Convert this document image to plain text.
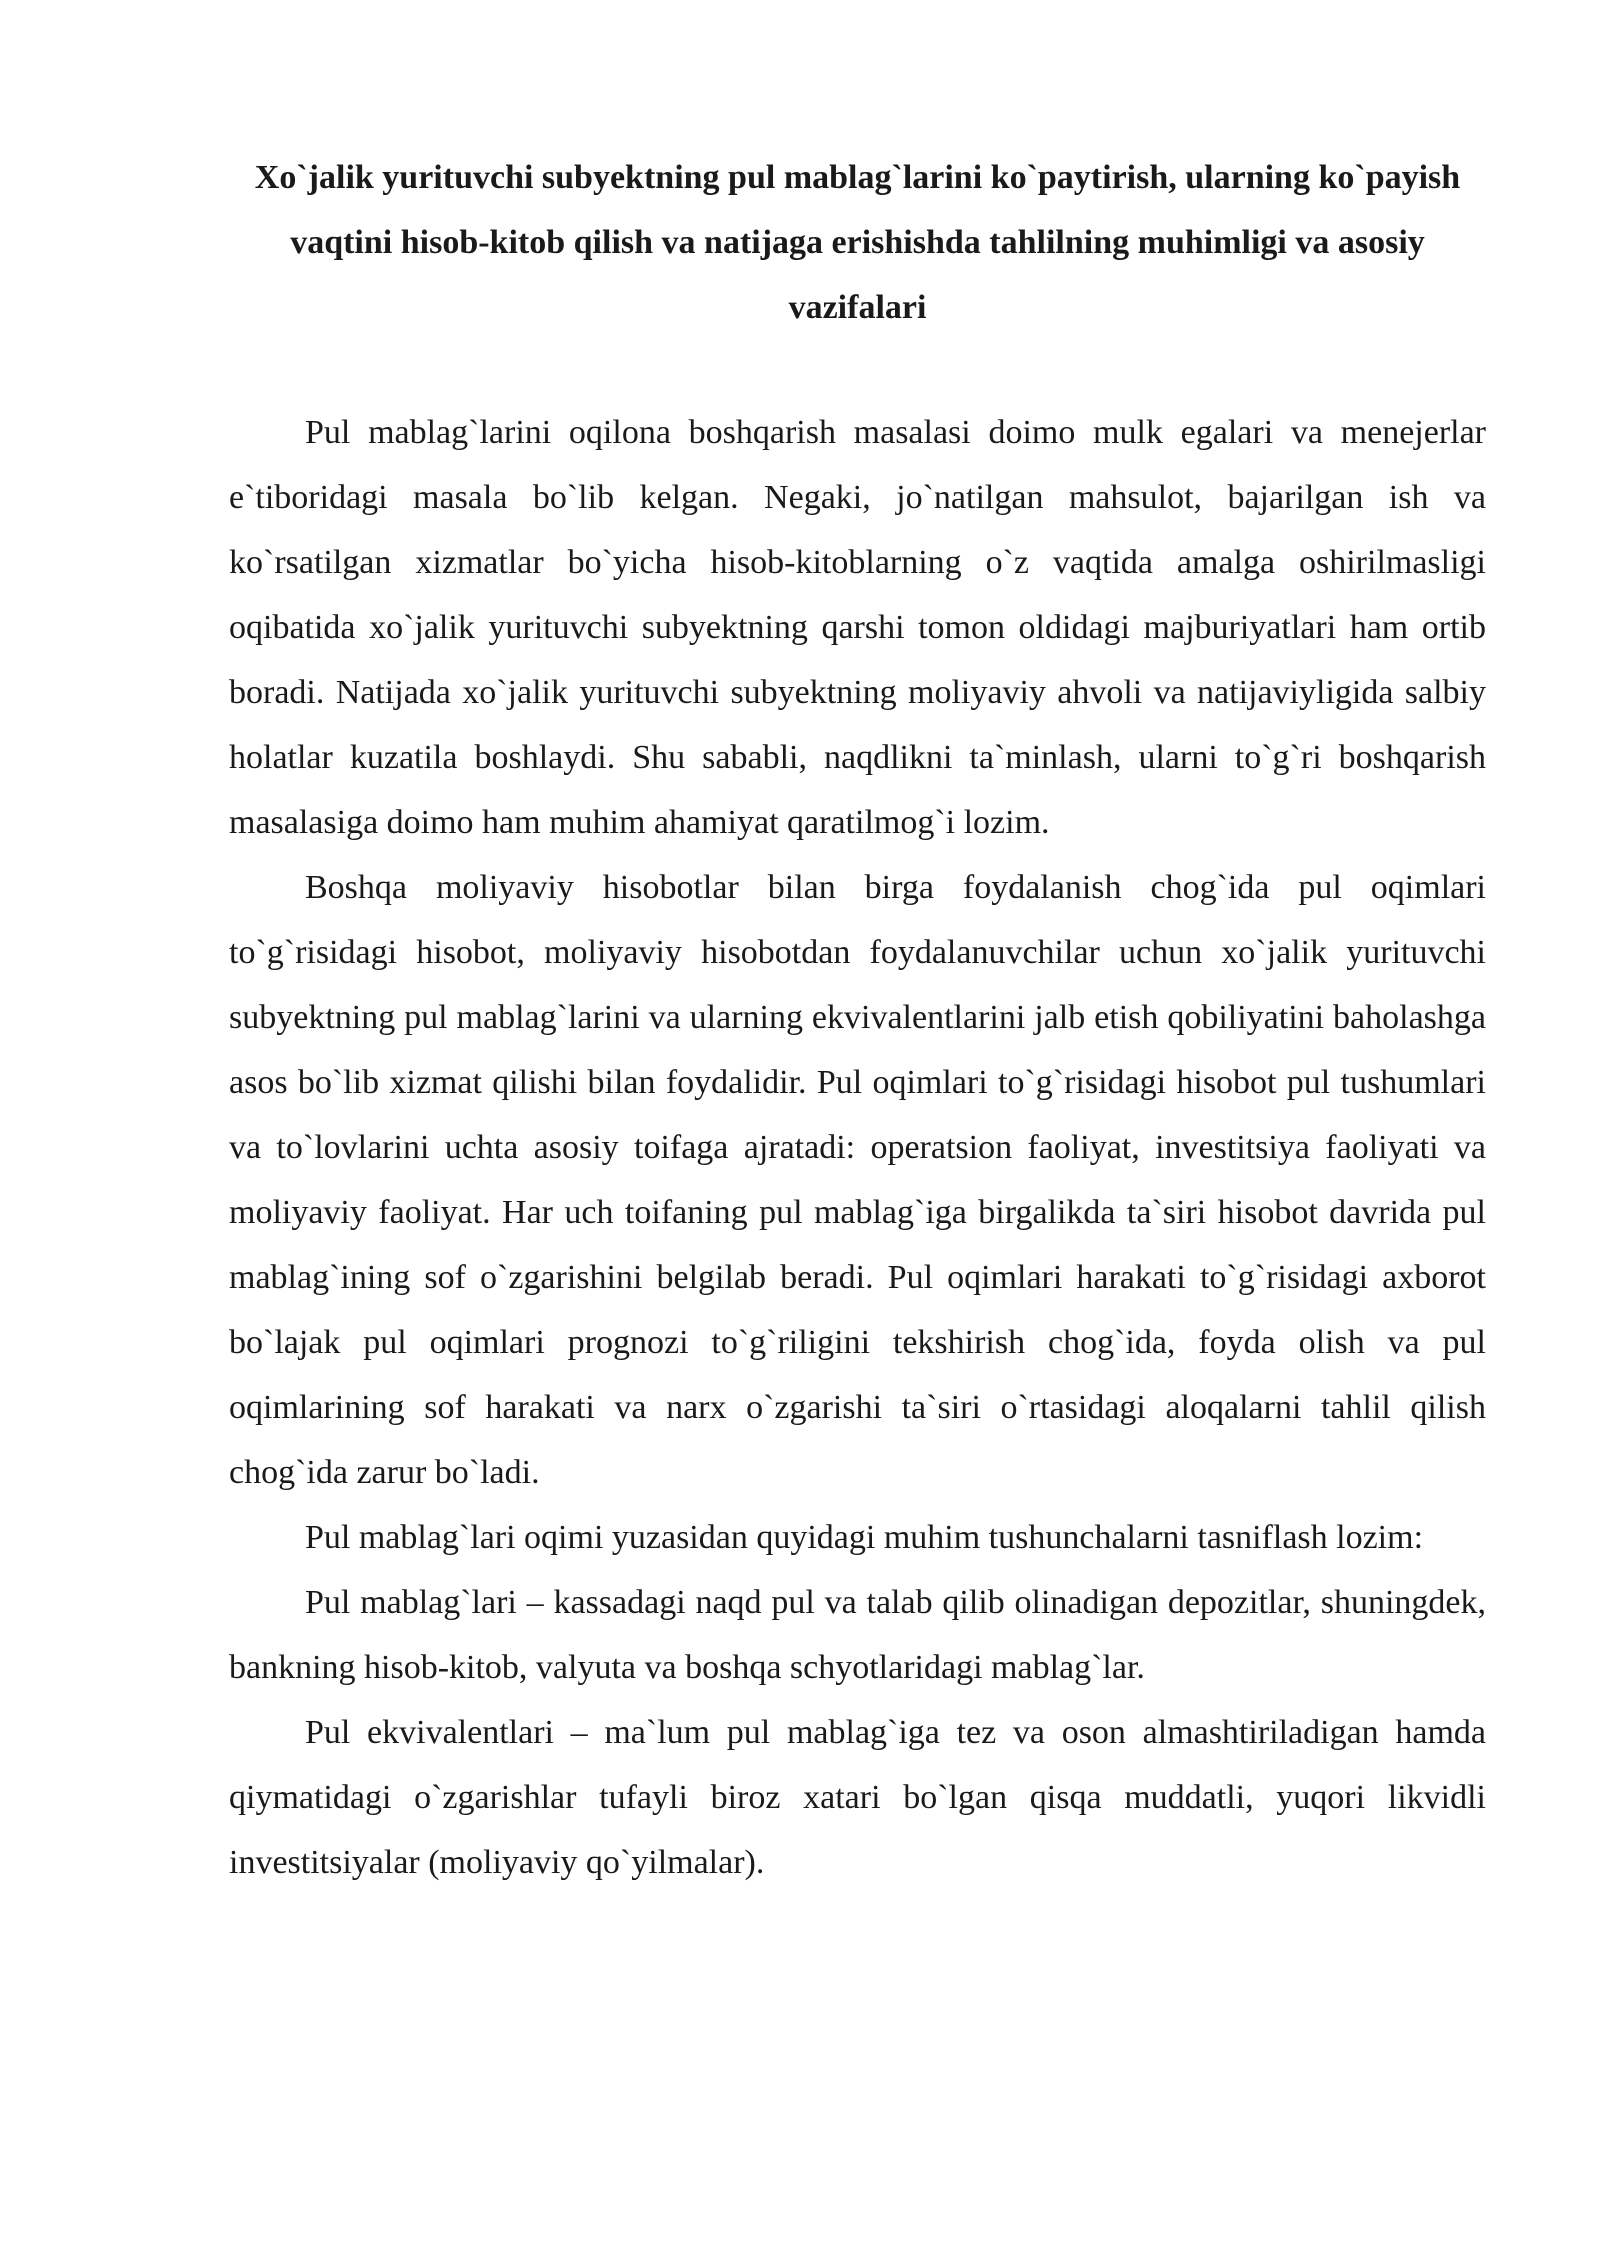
Xo`jalik yurituvchi subyektning pul mablag`larini ko`paytirish, ularning ko`payish vaqtini hisob-kitob qilish va natijaga erishishda tahlilning muhimligi va asosiy vazifalari

Pul mablag`larini oqilona boshqarish masalasi doimo mulk egalari va menejerlar e`tiboridagi masala bo`lib kelgan. Negaki, jo`natilgan mahsulot, bajarilgan ish va ko`rsatilgan xizmatlar bo`yicha hisob-kitoblarning o`z vaqtida amalga oshirilmasligi oqibatida xo`jalik yurituvchi subyektning qarshi tomon oldidagi majburiyatlari ham ortib boradi. Natijada xo`jalik yurituvchi subyektning moliyaviy ahvoli va natijaviyligida salbiy holatlar kuzatila boshlaydi. Shu sababli, naqdlikni ta`minlash, ularni to`g`ri boshqarish masalasiga doimo ham muhim ahamiyat qaratilmog`i lozim.

Boshqa moliyaviy hisobotlar bilan birga foydalanish chog`ida pul oqimlari to`g`risidagi hisobot, moliyaviy hisobotdan foydalanuvchilar uchun xo`jalik yurituvchi subyektning pul mablag`larini va ularning ekvivalentlarini jalb etish qobiliyatini baholashga asos bo`lib xizmat qilishi bilan foydalidir. Pul oqimlari to`g`risidagi hisobot pul tushumlari va to`lovlarini uchta asosiy toifaga ajratadi: operatsion faoliyat, investitsiya faoliyati va moliyaviy faoliyat. Har uch toifaning pul mablag`iga birgalikda ta`siri hisobot davrida pul mablag`ining sof o`zgarishini belgilab beradi. Pul oqimlari harakati to`g`risidagi axborot bo`lajak pul oqimlari prognozi to`g`riligini tekshirish chog`ida, foyda olish va pul oqimlarining sof harakati va narx o`zgarishi ta`siri o`rtasidagi aloqalarni tahlil qilish chog`ida zarur bo`ladi.

Pul mablag`lari oqimi yuzasidan quyidagi muhim tushunchalarni tasniflash lozim:

Pul mablag`lari – kassadagi naqd pul va talab qilib olinadigan depozitlar, shuningdek, bankning hisob-kitob, valyuta va boshqa schyotlaridagi mablag`lar.

Pul ekvivalentlari – ma`lum pul mablag`iga tez va oson almashtiriladigan hamda qiymatidagi o`zgarishlar tufayli biroz xatari bo`lgan qisqa muddatli, yuqori likvidli investitsiyalar (moliyaviy qo`yilmalar).
